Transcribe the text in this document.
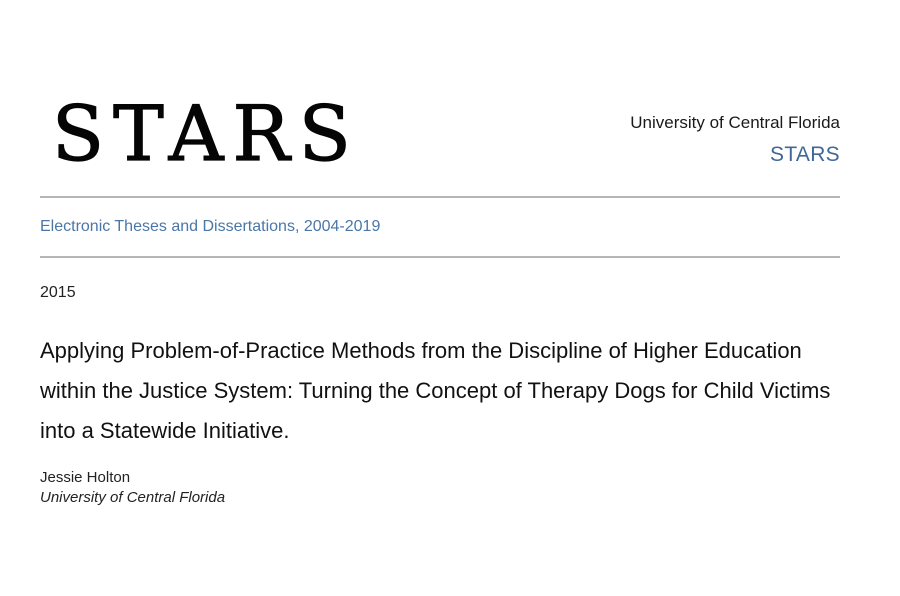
STARS	University of Central Florida
STARS
Electronic Theses and Dissertations, 2004-2019
2015
Applying Problem-of-Practice Methods from the Discipline of Higher Education within the Justice System: Turning the Concept of Therapy Dogs for Child Victims into a Statewide Initiative.
Jessie Holton
University of Central Florida
